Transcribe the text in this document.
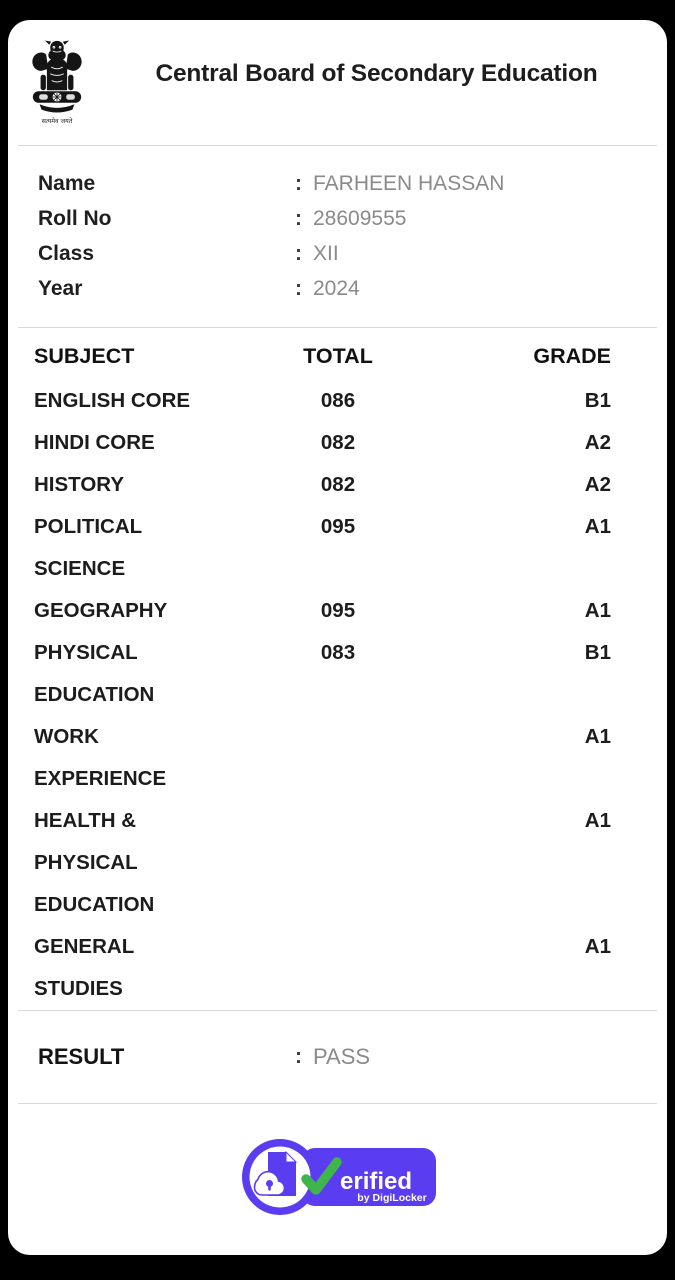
सत्यमेव जयते
Central Board of Secondary Education
Name	: FARHEEN HASSAN
Roll No	: 28609555
Class	: XII
Year	: 2024
SUBJECT	TOTAL	GRADE
ENGLISH CORE	086	B1
HINDI CORE	082	A2
HISTORY	082	A2
POLITICAL SCIENCE	095	A1
GEOGRAPHY	095	A1
PHYSICAL EDUCATION	083	B1
WORK EXPERIENCE		A1
HEALTH & PHYSICAL EDUCATION		A1
GENERAL STUDIES		A1
RESULT	: PASS
erified
by DigiLocker
